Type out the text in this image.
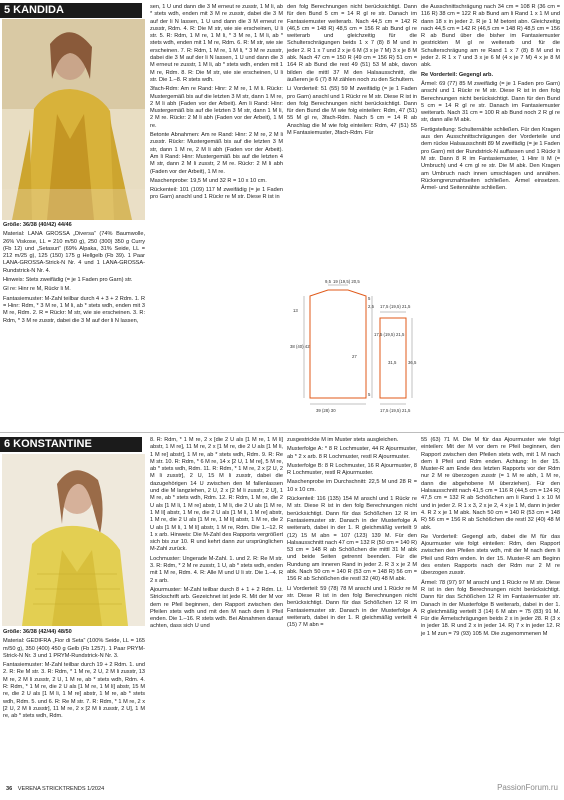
5 KANDIDA

Größe: 36/38 (40/42) 44/46

Material: LANA GROSSA „Diversa“ (74% Baumwolle, 26% Viskose, LL = 210 m/50 g), 250 (300) 350 g Curry (Fb 12) und „Setasuri“ (69% Alpaka, 31% Seide, LL = 212 m/25 g), 125 (150) 175 g Hellgelb (Fb 39). 1 Paar LANA-GROSSA-Strick-N Nr. 4 und 1 LANA-GROSSA-Rundstrick-N Nr. 4.

Hinweis: Stets zweifädig (= je 1 Faden pro Garn) str.

Gl re: Hinr re M, Rückr li M.

Fantasiemuster: M-Zahl teilbar durch 4 + 3 + 2 Rdm. 1. R = Hinr: Rdm, * 3 M re, 1 M li, ab * stets wdh, enden mit 3 M re, Rdm. 2. R = Rückr: M str, wie sie erscheinen. 3. R: Rdm, * 3 M re zusstr, dabei die 3 M auf der li N lassen,

sen, 1 U und dann die 3 M erneut re zusstr, 1 M li, ab * stets wdh, enden mit 3 M re zusstr, dabei die 3 M auf der li N lassen, 1 U und dann die 3 M erneut re zusstr, Rdm. 4. R: Die M str, wie sie erscheinen, U li str. 5. R: Rdm, 1 M re, 1 M li, * 3 M re, 1 M li, ab * stets wdh, enden mit 1 M re, Rdm. 6. R: M str, wie sie erscheinen. 7. R: Rdm, 1 M re, 1 M li, * 3 M re zusstr, dabei die 3 M auf der li N lassen, 1 U und dann die 3 M erneut re zusstr, 1 M li, ab * stets wdh, enden mit 1 M re, Rdm. 8. R: Die M str, wie sie erscheinen, U li str. Die 1.–8. R stets wdh.

3fach-Rdm: Am re Rand: Hinr: 2 M re, 1 M li. Rückr: Mustergemäß bis auf die letzten 3 M str, dann 1 M re, 2 M li abh (Faden vor der Arbeit). Am li Rand: Hinr: Mustergemäß bis auf die letzten 3 M str, dann 1 M li, 2 M re. Rückr: 2 M li abh (Faden vor der Arbeit), 1 M re.

Betonte Abnahmen: Am re Rand: Hinr: 2 M re, 2 M li zusstr. Rückr: Mustergemäß bis auf die letzten 3 M str, dann 1 M re, 2 M li abh (Faden vor der Arbeit). Am li Rand: Hinr: Mustergemäß bis auf die letzten 4 M str, dann 2 M li zusstr, 2 M re. Rückr: 2 M li abh (Faden vor der Arbeit), 1 M re.

Maschenprobe: 19,5 M und 32 R = 10 x 10 cm.

Rückenteil: 101 (109) 117 M zweifädig (= je 1 Faden pro Garn) anschl und 1 Rückr re M str. Diese R ist in

den folg Berechnungen nicht berücksichtigt. Dann für den Bund 5 cm = 14 R gl re str. Danach im Fantasiemuster weiterarb. Nach 44,5 cm = 142 R (46,5 cm = 148 R) 48,5 cm = 156 R ab Bund gl re weiterarb und gleichzeitig für die Schulterschrägungen beids 1 x 7 (8) 8 M und in jeder 2. R 1 x 7 und 2 x je 6 M (3 x je 7 M) 3 x je 8 M abk. Nach 47 cm = 150 R (49 cm = 156 R) 51 cm = 164 R ab Bund die rest 49 (51) 53 M abk, davon bilden die mittl 37 M den Halsausschnitt, die äußeren je 6 (7) 8 M zählen noch zu den Schultern.

Li Vorderteil: 51 (55) 59 M zweifädig (= je 1 Faden pro Garn) anschl und 1 Rückr re M str. Diese R ist in den folg Berechnungen nicht berücksichtigt. Dann für den Bund die M wie folg einteilen: Rdm, 47 (51) 55 M gl re, 3fach-Rdm. Nach 5 cm = 14 R ab Anschlag die M wie folg einteilen: Rdm, 47 (51) 55 M Fantasiemuster, 3fach-Rdm. Für

die Ausschnittschrägung nach 34 cm = 108 R (36 cm = 116 R) 38 cm = 122 R ab Bund am li Rand 1 x 1 M und dann 18 x in jeder 2. R je 1 M betont abn. Gleichzeitig nach 44,5 cm = 142 R (46,5 cm = 148 R) 48,5 cm = 156 R ab Bund über die bisher im Fantasiemuster gestrickten M gl re weiterarb und für die Schulterschrägung am re Rand 1 x 7 (8) 8 M und in jeder 2. R 1 x 7 und 3 x je 6 M (4 x je 7 M) 4 x je 8 M abk.

Re Vorderteil: Gegengl arb.

Ärmel: 69 (77) 85 M zweifädig (= je 1 Faden pro Garn) anschl und 1 Rückr re M str. Diese R ist in den folg Berechnungen nicht berücksichtigt. Dann für den Bund 5 cm = 14 R gl re str. Danach im Fantasiemuster weiterarb. Nach 31 cm = 100 R ab Bund noch 2 R gl re str, dann alle M abk.

Fertigstellung: Schulternähte schließen. Für den Kragen aus den Ausschnittschrägungen der Vorderteile und dem rückw Halsausschnitt 89 M zweifädig (= je 1 Faden pro Garn) mit der Rundstrick-N auffassen und 1 Rückr li M str. Dann 8 R im Fantasiemuster, 1 Hinr li M (= Umbruch) und 4 cm gl re str. Die M abk. Den Kragen am Umbruch nach innen umschlagen und annähen. Rückengrenznahtseiten schließen. Ärmel einsetzen. Ärmel- und Seitennähte schließen.

9,5 19 (19,5) 20,5
13
38 (40) 42
27
17,5 (19,5) 21,5
39 (28) 30
17,5 (19,5) 21,5
31,5	36,5
17,5 (19,5) 21,5
5
5
2,5
6 KONSTANTINE

Größe: 36/38 (42/44) 48/50

Material: GEDIFRA „Fior di Seta“ (100% Seide, LL = 165 m/50 g), 350 (400) 450 g Gelb (Fb 1257). 1 Paar PRYM-Strick-N Nr. 3 und 1 PRYM-Rundstrick-N Nr. 3.

Fantasiemuster: M-Zahl teilbar durch 19 + 2 Rdm. 1. und 2. R: Re M str. 3. R: Rdm, * 1 M re, 2 U, 2 M li zusstr, 13 M re, 2 M li zusstr, 2 U, 1 M re, ab * stets wdh, Rdm. 4. R: Rdm, * 1 M re, die 2 U als [1 M re, 1 M li] abstr, 15 M re, die 2 U als [1 M li, 1 M re] abstr, 1 M re, ab * stets wdh, Rdm. 5. und 6. R: Re M str. 7. R: Rdm, * 1 M re, 2 x [2 U, 2 M li zusstr], 11 M re, 2 x [2 M li zusstr, 2 U], 1 M re, ab * stets wdh, Rdm.

8. R: Rdm, * 1 M re, 2 x [die 2 U als [1 M re, 1 M li] abstr, 1 M re], 11 M re, 2 x [1 M re, die 2 U als [1 M li, 1 M re] abstr], 1 M re, ab * stets wdh, Rdm. 9. R: Re M str. 10. R: Rdm, * 6 M re, 14 x [2 U, 1 M re], 5 M re, ab * stets wdh, Rdm. 11. R: Rdm, * 1 M re, 2 x [2 U, 2 M li zusstr], 2 U, 15 M li zusstr, dabei die dazugehörigen 14 U zwischen den M fallenlassen und die M langziehen, 2 U, 2 x [2 M li zusstr, 2 U], 1 M re, ab * stets wdh, Rdm. 12. R: Rdm, 1 M re, die 2 U als [1 M li, 1 M re] abstr, 1 M li, die 2 U als [1 M re, 1 M li] abstr, 1 M re, die 2 U als [1 M li, 1 M re] abstr, 1 M re, die 2 U als [1 M re, 1 M li] abstr, 1 M re, die 2 U als [1 M li, 1 M li] abstr, 1 M re, Rdm. Die 1.–12. R 1 x arb. Hinweis: Die M-Zahl des Rapports vergrößert sich bis zur 10. R und kehrt dann zur ursprünglichen M-Zahl zurück.

Lochmuster: Ungerade M-Zahl. 1. und 2. R: Re M str. 3. R: Rdm, * 2 M re zusstr, 1 U, ab * stets wdh, enden mit 1 M re, Rdm. 4. R: Alle M und U li str. Die 1.–4. R 2 x arb.

Ajourmuster: M-Zahl teilbar durch 8 + 1 + 2 Rdm. Lt. Strickschrift arb. Gezeichnet ist jede R. Mit der M vor dem re Pfeil beginnen, den Rapport zwischen den Pfeilen stets wdh und mit den M nach dem li Pfeil enden. Die 1.–16. R stets wdh. Bei Abnahmen darauf achten, dass sich U und

zusgestrickte M im Muster stets ausgleichen.

Musterfolge A: * 8 R Lochmuster, 44 R Ajourmuster, ab * 2 x arb. 8 R Lochmuster, restl R Ajourmuster.

Musterfolge B: 8 R Lochmuster, 16 R Ajourmuster, 8 R Lochmuster, restl R Ajourmuster.

Maschenprobe im Durchschnitt: 22,5 M und 28 R = 10 x 10 cm.

Rückenteil: 116 (135) 154 M anschl und 1 Rückr re M str. Diese R ist in den folg Berechnungen nicht berücksichtigt. Dann für das Schößchen 12 R im Fantasiemuster str. Danach in der Musterfolge A weiterarb, dabei in der 1. R gleichmäßig verteilt 9 (12) 15 M abn = 107 (123) 139 M. Für den Halsausschnitt nach 47 cm = 132 R (50 cm = 140 R) 53 cm = 148 R ab Schößchen die mittl 31 M abk und beide Seiten getrennt beenden. Für die Rundung am inneren Rand in jeder 2. R 3 x je 2 M abk. Nach 50 cm = 140 R (53 cm = 148 R) 56 cm = 156 R ab Schößchen die restl 32 (40) 48 M abk.

Li Vorderteil: 59 (78) 78 M anschl und 1 Rückr re M str. Diese R ist in den folg Berechnungen nicht berücksichtigt. Dann für das Schößchen 12 R im Fantasiemuster str. Danach in der Musterfolge A weiterarb, dabei in der 1. R gleichmäßig verteilt 4 (15) 7 M abn =

55 (63) 71 M. Die M für das Ajourmuster wie folgt einteilen: Mit der M vor dem re Pfeil beginnen, den Rapport zwischen den Pfeilen stets wdh, mit 1 M nach dem li Pfeil und Rdm enden. Achtung: In der 15. Muster-R am Ende des letzten Rapports vor der Rdm nur 2 M re überzogen zusstr (= 1 M re abh, 1 M re, dann die abgehobene M überziehen). Für den Halsausschnitt nach 41,5 cm = 116 R (44,5 cm = 124 R) 47,5 cm = 132 R ab Schößchen am li Rand 1 x 10 M und in jeder 2. R 1 x 3, 2 x je 2, 4 x je 1 M, dann in jeder 4. R 2 x je 1 M abk. Nach 50 cm = 140 R (53 cm = 148 R) 56 cm = 156 R ab Schößchen die restl 32 (40) 48 M abk.

Re Vorderteil: Gegengl arb, dabei die M für das Ajourmuster wie folgt einteilen: Rdm, den Rapport zwischen den Pfeilen stets wdh, mit der M nach dem li Pfeil und Rdm enden. In der 15. Muster-R am Beginn des ersten Rapports nach der Rdm nur 2 M re überzogen zusstr.

Ärmel: 78 (97) 97 M anschl und 1 Rückr re M str. Diese R ist in den folg Berechnungen nicht berücksichtigt. Dann für das Schößchen 12 R im Fantasiemuster str. Danach in der Musterfolge B weiterarb, dabei in der 1. R gleichmäßig verteilt 3 (14) 6 M abn = 75 (83) 91 M. Für die Ärmelschrägungen beids 2 x in jeder 28. R (3 x in jeder 18. R und 2 x in jeder 14. R) 7 x in jeder 12. R je 1 M zun = 79 (93) 105 M. Die zugenommenen M

36 VERENA STRICKTRENDS 1/2024	PassionForum.ru
